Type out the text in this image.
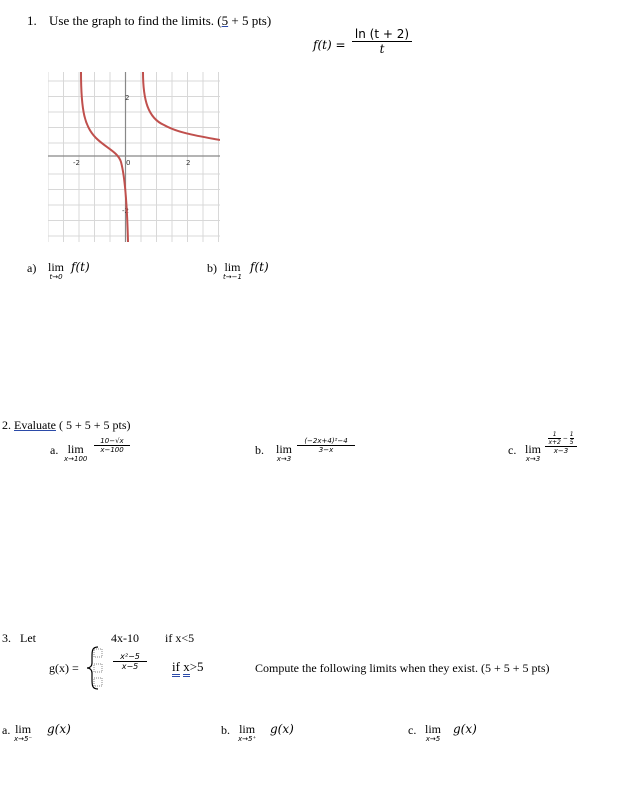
1. Use the graph to find the limits. (5 + 5 pts)
$f(t) = \frac{\ln (t + 2)}{t}$
-2	0	2
2
-2
a) lim
t→0
f(t)	b) lim
t→−1
f(t)
2. Evaluate ( 5 + 5 + 5 pts)
a. lim
x→100
$\frac{10-√x}{x-100}$	b. lim
x→3
$\frac{\text{(−2x+4)²−4}}{3-x}$	c. lim
x→3
$\frac{\frac{1}{x+2} - \frac{1}{5}}{x-3}$
3. Let	4x-10 if x<5
g(x) =	$\frac{\text{x²−5}}{x-5}$ if x>5	Compute the following limits when they exist. (5 + 5 + 5 pts)
a. lim
x→5⁻
g(x)	b. lim
x→5⁺
g(x)	c. lim
x→5
g(x)
